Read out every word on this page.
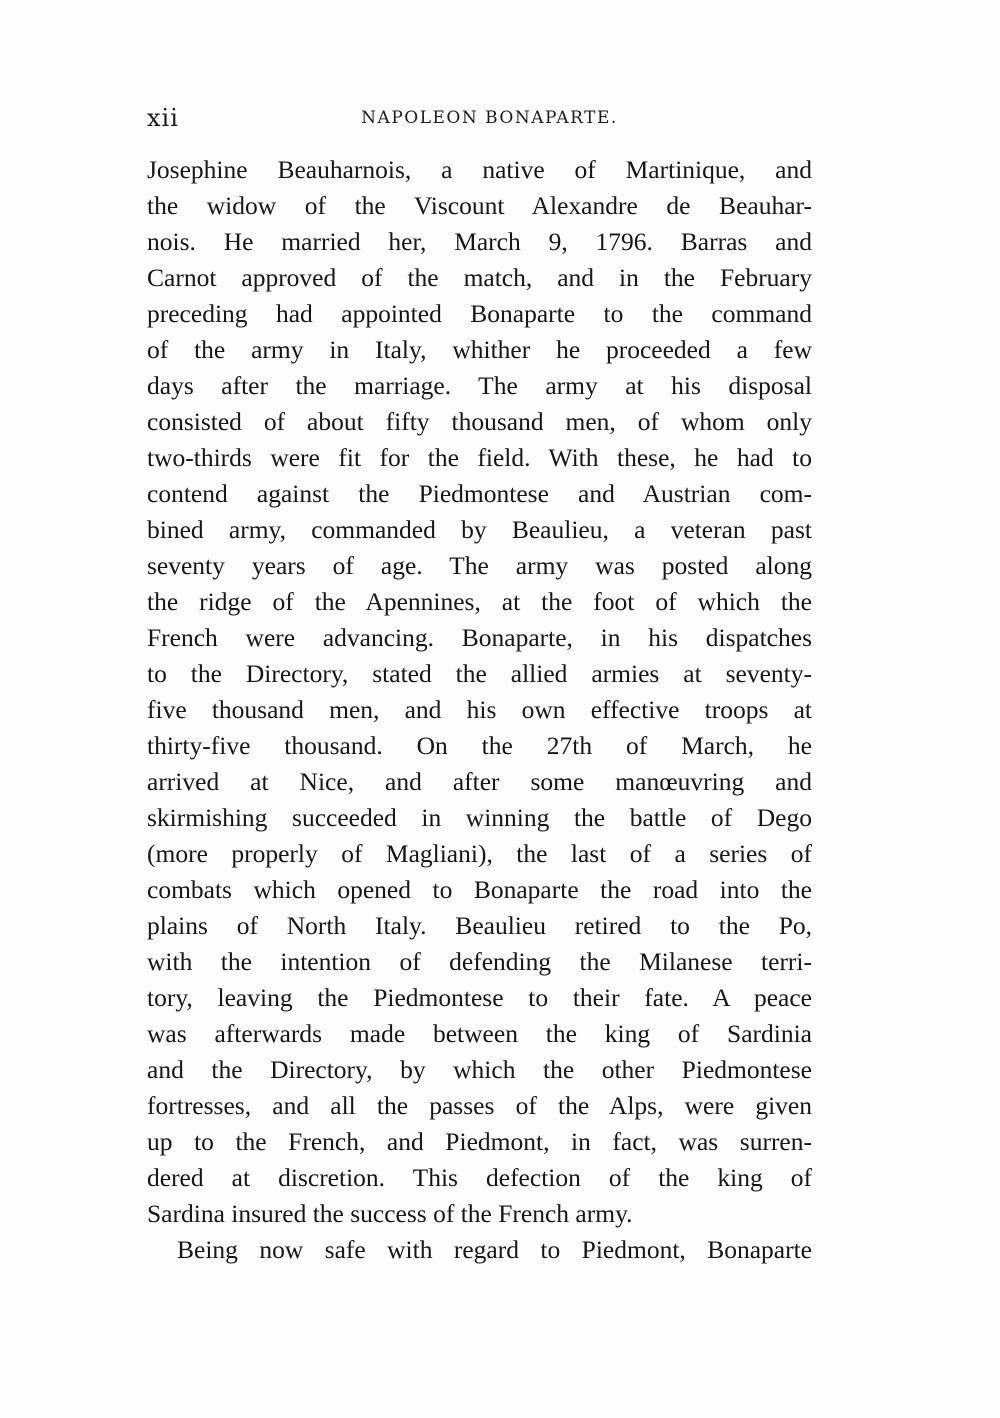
xii	NAPOLEON BONAPARTE.
Josephine Beauharnois, a native of Martinique, and
the widow of the Viscount Alexandre de Beauhar-
nois. He married her, March 9, 1796. Barras and
Carnot approved of the match, and in the February
preceding had appointed Bonaparte to the command
of the army in Italy, whither he proceeded a few
days after the marriage. The army at his disposal
consisted of about fifty thousand men, of whom only
two-thirds were fit for the field. With these, he had to
contend against the Piedmontese and Austrian com-
bined army, commanded by Beaulieu, a veteran past
seventy years of age. The army was posted along
the ridge of the Apennines, at the foot of which the
French were advancing. Bonaparte, in his dispatches
to the Directory, stated the allied armies at seventy-
five thousand men, and his own effective troops at
thirty-five thousand. On the 27th of March, he
arrived at Nice, and after some manœuvring and
skirmishing succeeded in winning the battle of Dego
(more properly of Magliani), the last of a series of
combats which opened to Bonaparte the road into the
plains of North Italy. Beaulieu retired to the Po,
with the intention of defending the Milanese terri-
tory, leaving the Piedmontese to their fate. A peace
was afterwards made between the king of Sardinia
and the Directory, by which the other Piedmontese
fortresses, and all the passes of the Alps, were given
up to the French, and Piedmont, in fact, was surren-
dered at discretion. This defection of the king of
Sardina insured the success of the French army.
Being now safe with regard to Piedmont, Bonaparte
